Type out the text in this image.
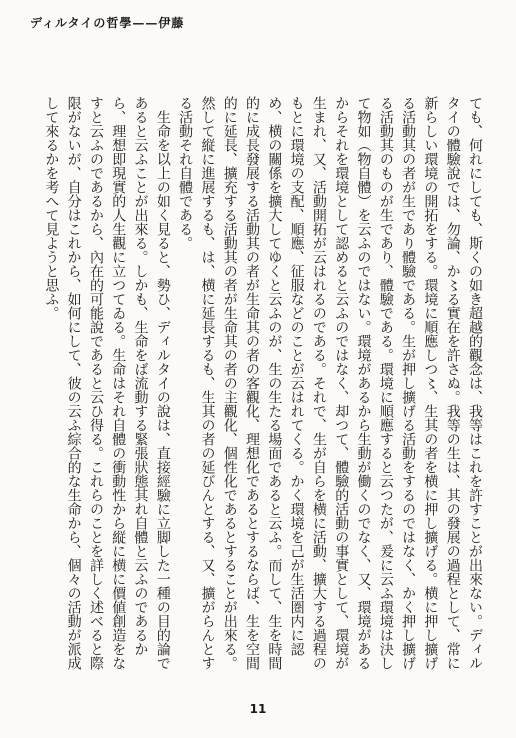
ディルタイの哲學——伊藤

ても、何れにしても、斯くの如き超越的觀念は、我等はこれを許すことが出來ない。ディルタイの體驗說では、勿論、か〻る實在を許さぬ。我等の生は、其の發展の過程として、常に新らしい環境の開拓をする。環境に順應しつ〻、生其の者を横に押し擴げる。横に押し擴げる活動其の者が生であり體驗である。生が押し擴げる活動をするのではなく、かく押し擴げる活動其のものが生であり、體驗である。環境に順應すると云つたが、爰に云ふ環境は決して物如（物自體）を云ふのではない。環境があるから生動が働くのでなく、又、環境があるからそれを環境として認めると云ふのではなく、却つて、體驗的活動の事實として、環境が生まれ、又、活動開拓が云はれるのである。それで、生が自らを横に活動、擴大する過程のもとに環境の支配、順應、征服などのことが云はれてくる。かく環境を己が生活圏内に認め、横の關係を擴大してゆくと云ふのが、生の生たる場面であると云ふ。而して、生を時間的に成長發展する活動其の者が生命其の者の客觀化、理想化であるとするならば、生を空間的に延長、擴充する活動其の者が生命其の者の主觀化、個性化であるとすることが出來る。然して縦に進展するも、は、横に延長するも、生其の者の延びんとする、又、擴がらんとする活動それ自體である。

生命を以上の如く見ると、勢ひ、ディルタイの說は、直接經驗に立脚した一種の目的論であると云ふことが出來る。しかも、生命をば流動する緊張狀態其れ自體と云ふのであるから、理想即現實的人生觀に立つてゐる。生命はそれ自體の衝動性から縦に横に價値創造をなすと云ふのであるから、內在的可能說であると云ひ得る。これらのことを詳しく述べると際限がないが、自分はこれから、如何にして、彼の云ふ綜合的な生命から、個々の活動が派成して來るかを考へて見ようと思ふ。

11
